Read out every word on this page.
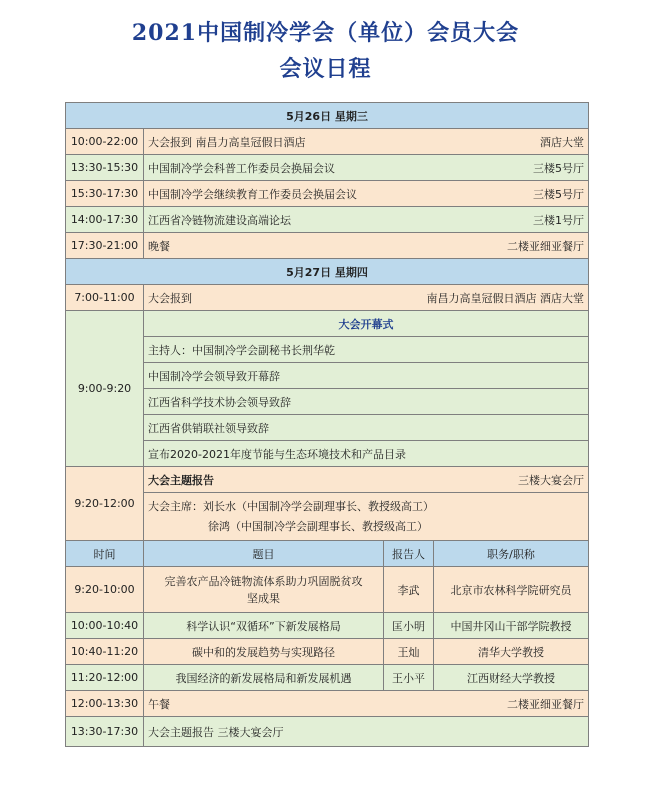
2021中国制冷学会（单位）会员大会
会议日程
5月26日 星期三			
10:00-22:00	大会报到 南昌力高皇冠假日酒店 酒店大堂		

13:30-15:30	中国制冷学会科普工作委员会换届会议 三楼5号厅		

15:30-17:30	中国制冷学会继续教育工作委员会换届会议 三楼5号厅		

14:00-17:30	江西省冷链物流建设高端论坛 三楼1号厅		

17:30-21:00	晚餐 二楼亚细亚餐厅		

5月27日 星期四			
7:00-11:00	大会报到 南昌力高皇冠假日酒店 酒店大堂		

9:00-9:20	大会开幕式		
	主持人：中国制冷学会副秘书长荆华乾		
	中国制冷学会领导致开幕辞		
	江西省科学技术协会领导致辞		
	江西省供销联社领导致辞		
	宣布2020-2021年度节能与生态环境技术和产品目录		
9:20-12:00	大会主题报告 三楼大宴会厅		

	大会主席：刘长水（中国制冷学会副理事长、教授级高工）
徐鸿（中国制冷学会副理事长、教授级高工）		

时间	题目	报告人	职务/职称
9:20-10:00	完善农产品冷链物流体系助力巩固脱贫攻坚成果	李武	北京市农林科学院研究员
10:00-10:40	科学认识“双循环”下新发展格局	匡小明	中国井冈山干部学院教授
10:40-11:20	碳中和的发展趋势与实现路径	王灿	清华大学教授
11:20-12:00	我国经济的新发展格局和新发展机遇	王小平	江西财经大学教授
12:00-13:30	午餐 二楼亚细亚餐厅		

13:30-17:30	大会主题报告 三楼大宴会厅		
